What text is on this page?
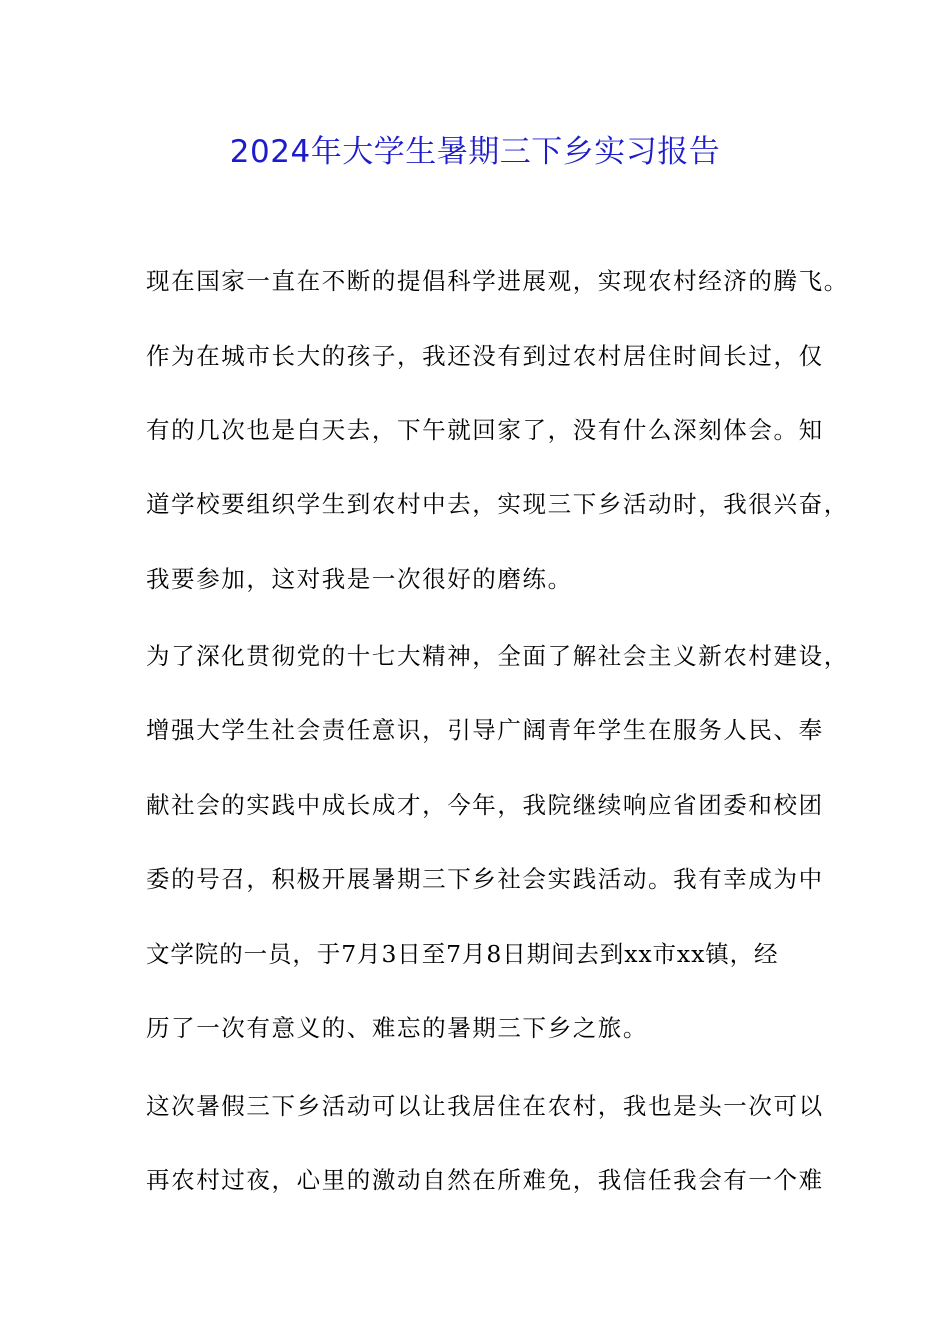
2024年大学生暑期三下乡实习报告

现在国家一直在不断的提倡科学进展观，实现农村经济的腾飞。

作为在城市长大的孩子，我还没有到过农村居住时间长过，仅

有的几次也是白天去，下午就回家了，没有什么深刻体会。知

道学校要组织学生到农村中去，实现三下乡活动时，我很兴奋，

我要参加，这对我是一次很好的磨练。

为了深化贯彻党的十七大精神，全面了解社会主义新农村建设，

增强大学生社会责任意识，引导广阔青年学生在服务人民、奉

献社会的实践中成长成才，今年，我院继续响应省团委和校团

委的号召，积极开展暑期三下乡社会实践活动。我有幸成为中

文学院的一员，于7月3日至7月8日期间去到xx市xx镇，经

历了一次有意义的、难忘的暑期三下乡之旅。

这次暑假三下乡活动可以让我居住在农村，我也是头一次可以

再农村过夜，心里的激动自然在所难免，我信任我会有一个难
